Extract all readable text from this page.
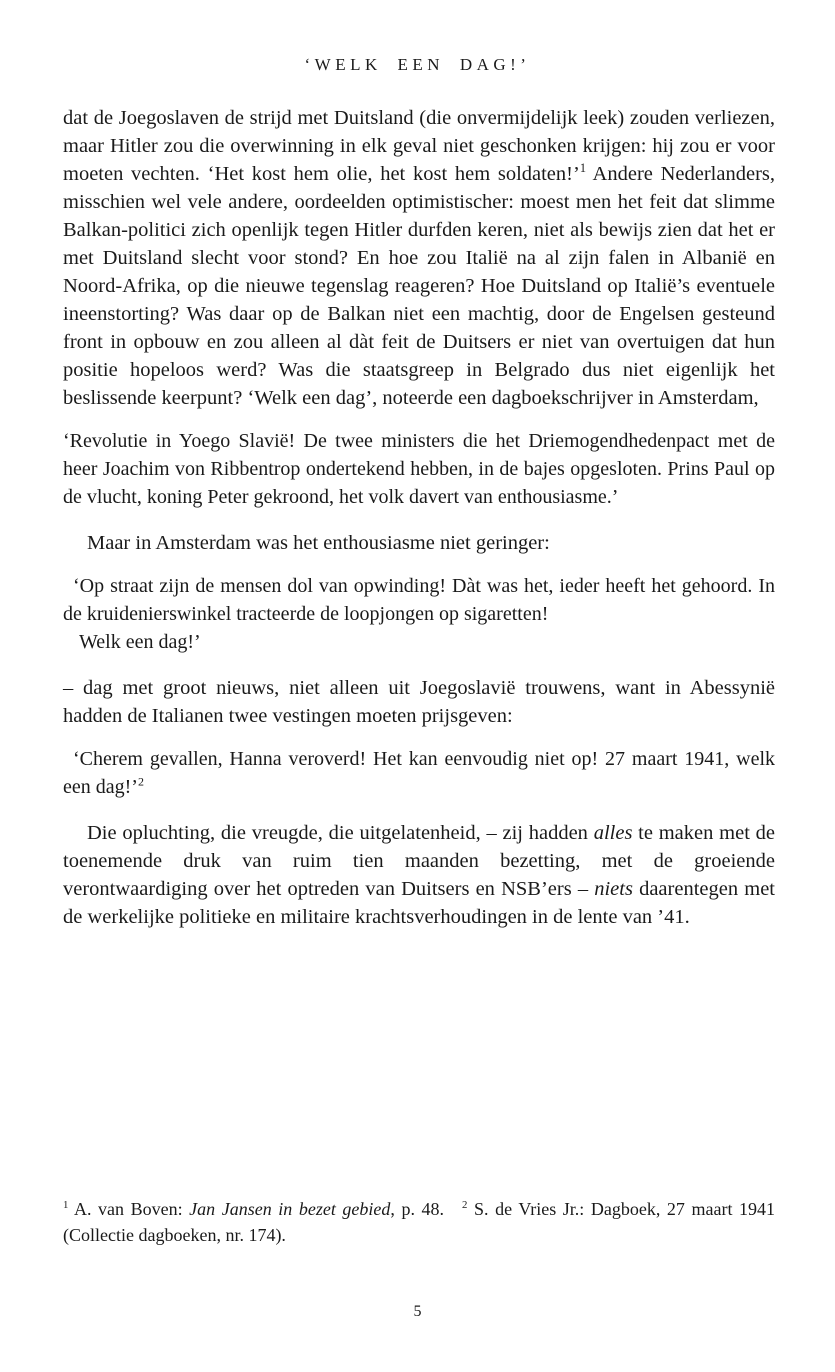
‘WELK EEN DAG!’

dat de Joegoslaven de strijd met Duitsland (die onvermijdelijk leek) zouden verliezen, maar Hitler zou die overwinning in elk geval niet geschonken krijgen: hij zou er voor moeten vechten. ‘Het kost hem olie, het kost hem soldaten!’$^1$ Andere Nederlanders, misschien wel vele andere, oordeelden optimistischer: moest men het feit dat slimme Balkan-politici zich openlijk tegen Hitler durfden keren, niet als bewijs zien dat het er met Duitsland slecht voor stond? En hoe zou Italië na al zijn falen in Albanië en Noord-Afrika, op die nieuwe tegenslag reageren? Hoe Duitsland op Italië’s eventuele ineenstorting? Was daar op de Balkan niet een machtig, door de Engelsen gesteund front in opbouw en zou alleen al dàt feit de Duitsers er niet van overtuigen dat hun positie hopeloos werd? Was die staatsgreep in Belgrado dus niet eigenlijk het beslissende keerpunt? ‘Welk een dag’, noteerde een dagboekschrijver in Amsterdam,

‘Revolutie in Yoego Slavië! De twee ministers die het Driemogendhedenpact met de heer Joachim von Ribbentrop ondertekend hebben, in de bajes opgesloten. Prins Paul op de vlucht, koning Peter gekroond, het volk davert van enthousiasme.’

Maar in Amsterdam was het enthousiasme niet geringer:

‘Op straat zijn de mensen dol van opwinding! Dàt was het, ieder heeft het gehoord. In de kruidenierswinkel tracteerde de loopjongen op sigaretten!

Welk een dag!’

– dag met groot nieuws, niet alleen uit Joegoslavië trouwens, want in Abessynië hadden de Italianen twee vestingen moeten prijsgeven:

‘Cherem gevallen, Hanna veroverd! Het kan eenvoudig niet op! 27 maart 1941, welk een dag!’$^2$

Die opluchting, die vreugde, die uitgelatenheid, – zij hadden alles te maken met de toenemende druk van ruim tien maanden bezetting, met de groeiende verontwaardiging over het optreden van Duitsers en NSB’ers – niets daarentegen met de werkelijke politieke en militaire krachtsverhoudingen in de lente van ’41.

$^1$ A. van Boven: Jan Jansen in bezet gebied, p. 48.  $^2$ S. de Vries Jr.: Dagboek, 27 maart 1941 (Collectie dagboeken, nr. 174).
5
